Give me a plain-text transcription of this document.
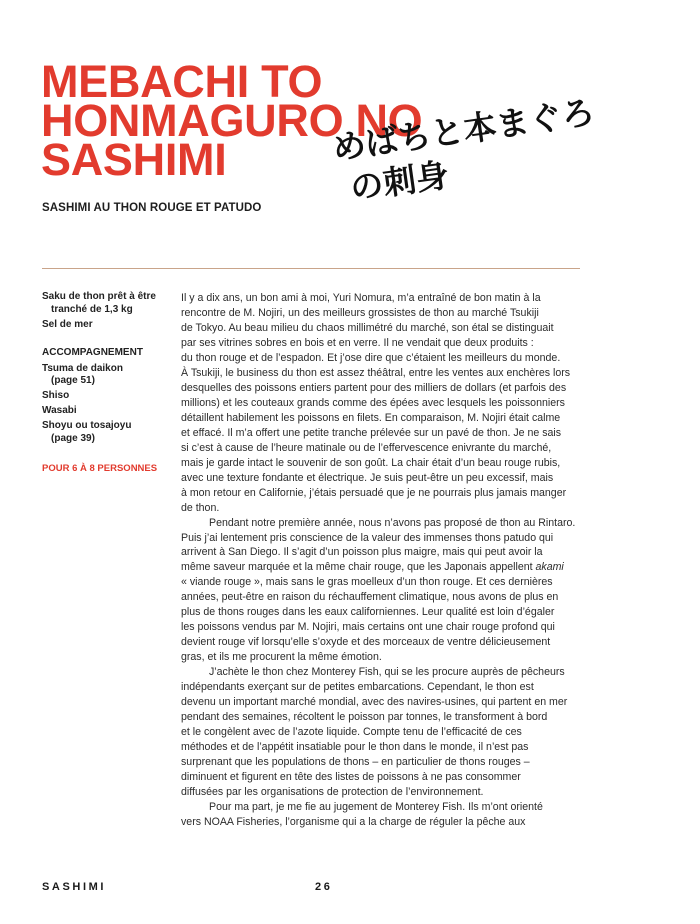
MEBACHI TO
HONMAGURO NO
SASHIMI
SASHIMI AU THON ROUGE ET PATUDO
めばちと本まぐろ
の刺身
Saku de thon prêt à être
tranché de 1,3 kg
Sel de mer
ACCOMPAGNEMENT
Tsuma de daikon
(page 51)
Shiso
Wasabi
Shoyu ou tosajoyu
(page 39)
POUR 6 À 8 PERSONNES
Il y a dix ans, un bon ami à moi, Yuri Nomura, m’a entraîné de bon matin à la
rencontre de M. Nojiri, un des meilleurs grossistes de thon au marché Tsukiji
de Tokyo. Au beau milieu du chaos millimétré du marché, son étal se distinguait
par ses vitrines sobres en bois et en verre. Il ne vendait que deux produits :
du thon rouge et de l’espadon. Et j’ose dire que c’étaient les meilleurs du monde.
À Tsukiji, le business du thon est assez théâtral, entre les ventes aux enchères lors
desquelles des poissons entiers partent pour des milliers de dollars (et parfois des
millions) et les couteaux grands comme des épées avec lesquels les poissonniers
détaillent habilement les poissons en filets. En comparaison, M. Nojiri était calme
et effacé. Il m’a offert une petite tranche prélevée sur un pavé de thon. Je ne sais
si c’est à cause de l’heure matinale ou de l’effervescence enivrante du marché,
mais je garde intact le souvenir de son goût. La chair était d’un beau rouge rubis,
avec une texture fondante et électrique. Je suis peut-être un peu excessif, mais
à mon retour en Californie, j’étais persuadé que je ne pourrais plus jamais manger
de thon.
Pendant notre première année, nous n’avons pas proposé de thon au Rintaro.
Puis j’ai lentement pris conscience de la valeur des immenses thons patudo qui
arrivent à San Diego. Il s’agit d’un poisson plus maigre, mais qui peut avoir la
même saveur marquée et la même chair rouge, que les Japonais appellent akami
« viande rouge », mais sans le gras moelleux d’un thon rouge. Et ces dernières
années, peut-être en raison du réchauffement climatique, nous avons de plus en
plus de thons rouges dans les eaux californiennes. Leur qualité est loin d’égaler
les poissons vendus par M. Nojiri, mais certains ont une chair rouge profond qui
devient rouge vif lorsqu’elle s’oxyde et des morceaux de ventre délicieusement
gras, et ils me procurent la même émotion.
J’achète le thon chez Monterey Fish, qui se les procure auprès de pêcheurs
indépendants exerçant sur de petites embarcations. Cependant, le thon est
devenu un important marché mondial, avec des navires-usines, qui partent en mer
pendant des semaines, récoltent le poisson par tonnes, le transforment à bord
et le congèlent avec de l’azote liquide. Compte tenu de l’efficacité de ces
méthodes et de l’appétit insatiable pour le thon dans le monde, il n’est pas
surprenant que les populations de thons – en particulier de thons rouges –
diminuent et figurent en tête des listes de poissons à ne pas consommer
diffusées par les organisations de protection de l’environnement.
Pour ma part, je me fie au jugement de Monterey Fish. Ils m’ont orienté
vers NOAA Fisheries, l’organisme qui a la charge de réguler la pêche aux
SASHIMI	26
